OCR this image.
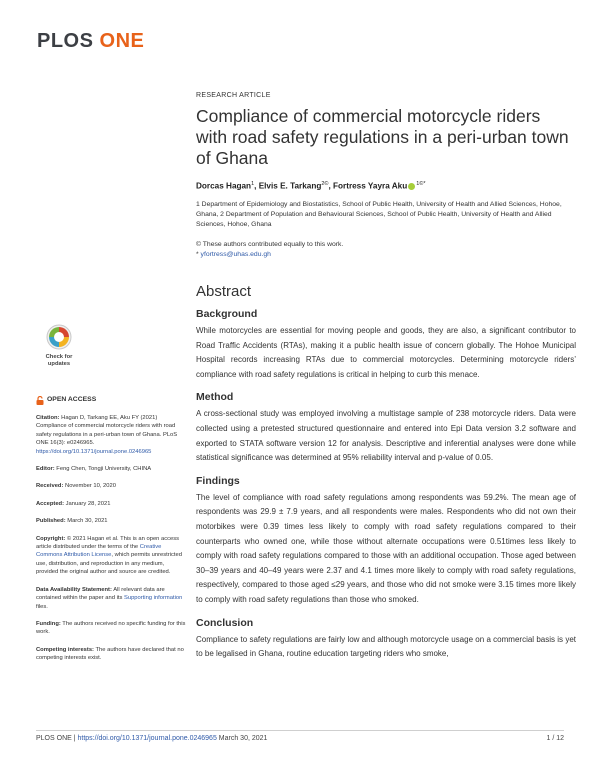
PLOS ONE
RESEARCH ARTICLE
Compliance of commercial motorcycle riders with road safety regulations in a peri-urban town of Ghana
Dorcas Hagan$^1$, Elvis E. Tarkang$^{2©}$, Fortress Yayra Aku $^{1©*}$
1 Department of Epidemiology and Biostatistics, School of Public Health, University of Health and Allied Sciences, Hohoe, Ghana, 2 Department of Population and Behavioural Sciences, School of Public Health, University of Health and Allied Sciences, Hohoe, Ghana
© These authors contributed equally to this work.
* yfortress@uhas.edu.gh
Abstract
Background
While motorcycles are essential for moving people and goods, they are also, a significant contributor to Road Traffic Accidents (RTAs), making it a public health issue of concern globally. The Hohoe Municipal Hospital records increasing RTAs due to commercial motorcycles. Determining motorcycle riders’ compliance with road safety regulations is critical in helping to curb this menace.
Method
A cross-sectional study was employed involving a multistage sample of 238 motorcycle riders. Data were collected using a pretested structured questionnaire and entered into Epi Data version 3.2 software and exported to STATA software version 12 for analysis. Descriptive and inferential analyses were done while statistical significance was determined at 95% reliability interval and p-value of 0.05.
Findings
The level of compliance with road safety regulations among respondents was 59.2%. The mean age of respondents was 29.9 ± 7.9 years, and all respondents were males. Respondents who did not own their motorbikes were 0.39 times less likely to comply with road safety regulations compared to their counterparts who owned one, while those without alternate occupations were 0.51times less likely to comply with road safety regulations compared to those with an additional occupation. Those aged between 30–39 years and 40–49 years were 2.37 and 4.1 times more likely to comply with road safety regulations, respectively, compared to those aged ≤29 years, and those who did not smoke were 3.15 times more likely to comply with road safety regulations than those who smoked.
Conclusion
Compliance to safety regulations are fairly low and although motorcycle usage on a commercial basis is yet to be legalised in Ghana, routine education targeting riders who smoke,
Check for
updates
OPEN ACCESS
Citation: Hagan D, Tarkang EE, Aku FY (2021) Compliance of commercial motorcycle riders with road safety regulations in a peri-urban town of Ghana. PLoS ONE 16(3): e0246965. https://doi.org/10.1371/journal.pone.0246965
Editor: Feng Chen, Tongji University, CHINA
Received: November 10, 2020
Accepted: January 28, 2021
Published: March 30, 2021
Copyright: © 2021 Hagan et al. This is an open access article distributed under the terms of the Creative Commons Attribution License, which permits unrestricted use, distribution, and reproduction in any medium, provided the original author and source are credited.
Data Availability Statement: All relevant data are contained within the paper and its Supporting information files.
Funding: The authors received no specific funding for this work.
Competing interests: The authors have declared that no competing interests exist.
PLOS ONE | https://doi.org/10.1371/journal.pone.0246965 March 30, 2021	1 / 12
